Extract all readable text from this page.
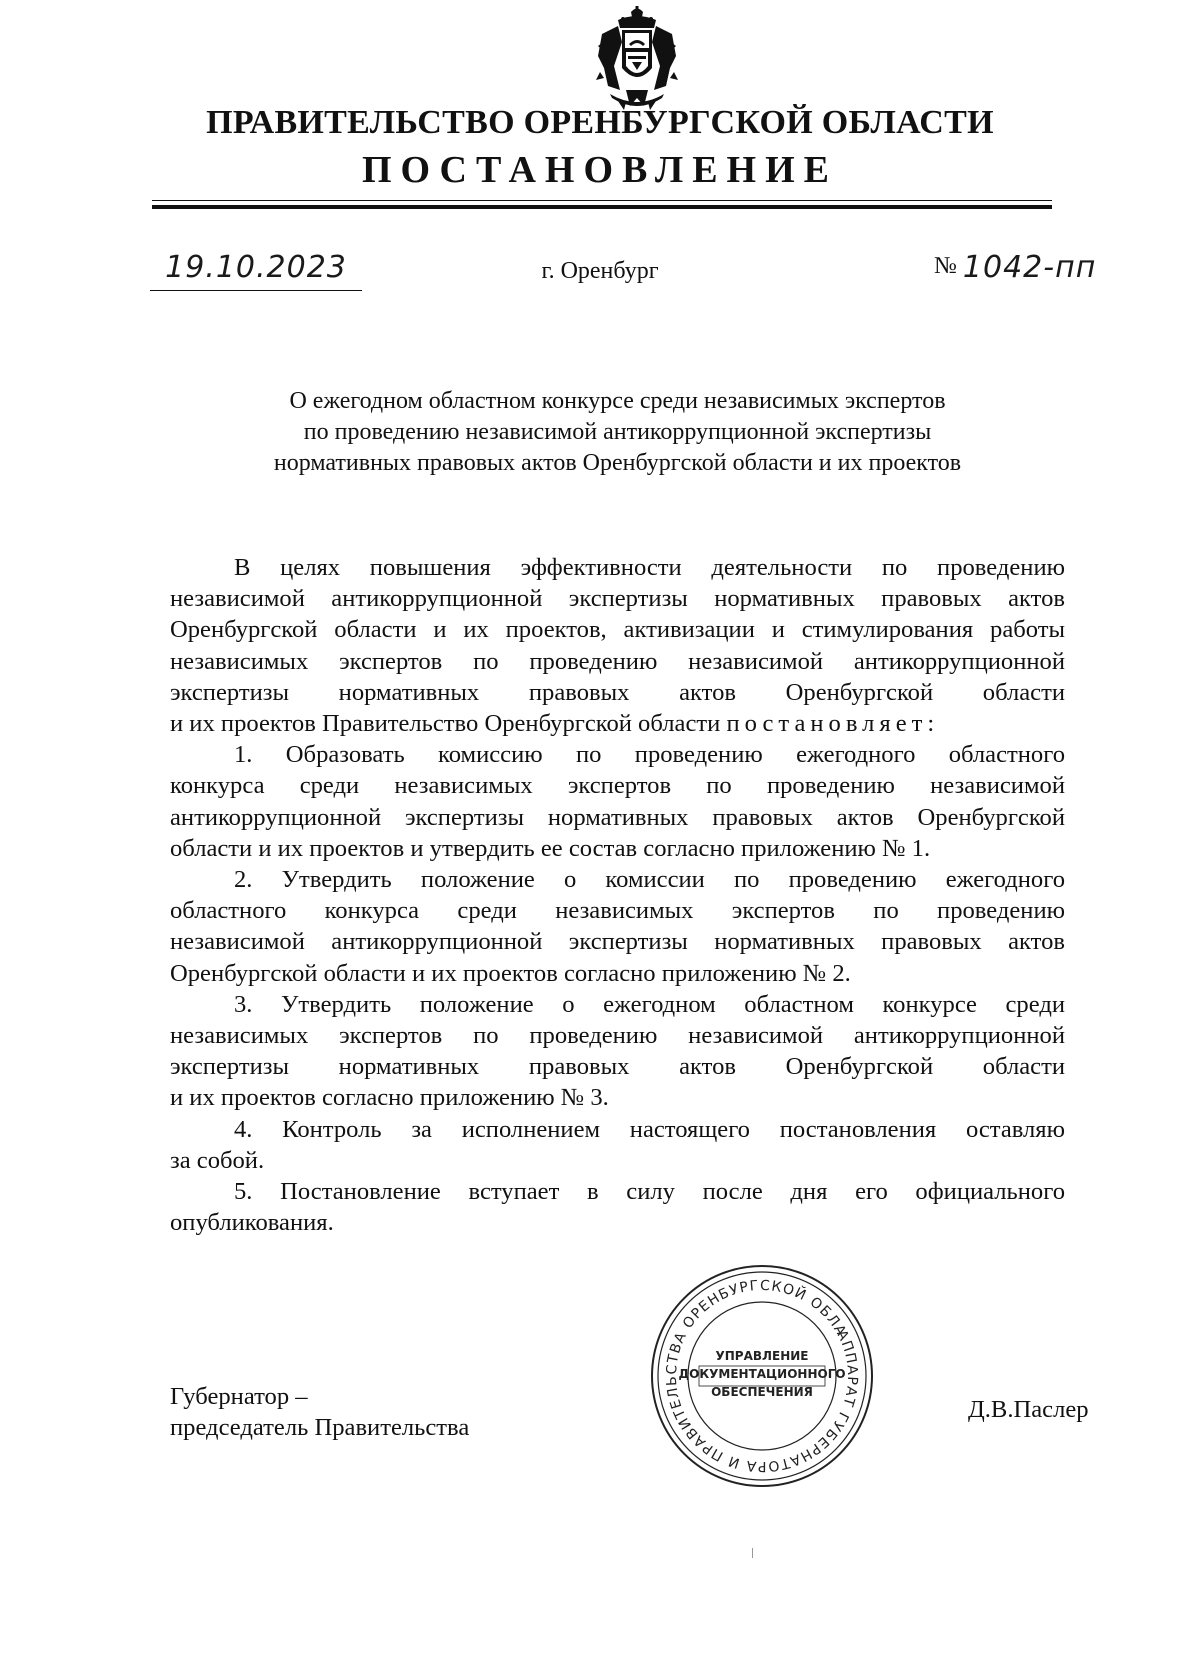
ПРАВИТЕЛЬСТВО ОРЕНБУРГСКОЙ ОБЛАСТИ
ПОСТАНОВЛЕНИЕ
19.10.2023	г. Оренбург	№ 1042-пп
О ежегодном областном конкурсе среди независимых экспертов
по проведению независимой антикоррупционной экспертизы
нормативных правовых актов Оренбургской области и их проектов
В целях повышения эффективности деятельности по проведению
независимой антикоррупционной экспертизы нормативных правовых актов
Оренбургской области и их проектов, активизации и стимулирования работы
независимых экспертов по проведению независимой антикоррупционной
экспертизы нормативных правовых актов Оренбургской области
и их проектов Правительство Оренбургской области постановляет:
1. Образовать комиссию по проведению ежегодного областного
конкурса среди независимых экспертов по проведению независимой
антикоррупционной экспертизы нормативных правовых актов Оренбургской
области и их проектов и утвердить ее состав согласно приложению № 1.
2. Утвердить положение о комиссии по проведению ежегодного
областного конкурса среди независимых экспертов по проведению
независимой антикоррупционной экспертизы нормативных правовых актов
Оренбургской области и их проектов согласно приложению № 2.
3. Утвердить положение о ежегодном областном конкурсе среди
независимых экспертов по проведению независимой антикоррупционной
экспертизы нормативных правовых актов Оренбургской области
и их проектов согласно приложению № 3.
4. Контроль за исполнением настоящего постановления оставляю
за собой.
5. Постановление вступает в силу после дня его официального
опубликования.
Губернатор –
председатель Правительства
АППАРАТ ГУБЕРНАТОРА И ПРАВИТЕЛЬСТВА ОРЕНБУРГСКОЙ ОБЛАСТИ
УПРАВЛЕНИЕ
ДОКУМЕНТАЦИОННОГО
ОБЕСПЕЧЕНИЯ
Д.В.Паслер
